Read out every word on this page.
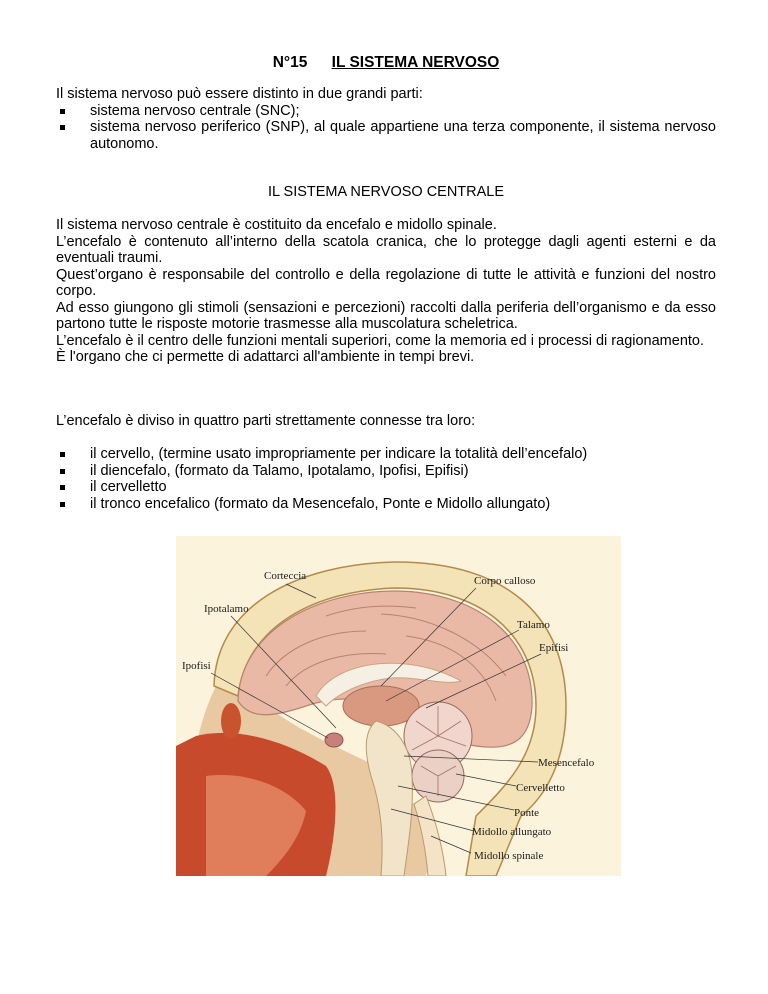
N°15 IL SISTEMA NERVOSO

Il sistema nervoso può essere distinto in due grandi parti:

sistema nervoso centrale (SNC);
sistema nervoso periferico (SNP), al quale appartiene una terza componente, il sistema nervoso autonomo.
IL SISTEMA NERVOSO CENTRALE

Il sistema nervoso centrale è costituito da encefalo e midollo spinale.

L’encefalo è contenuto all’interno della scatola cranica, che lo protegge dagli agenti esterni e da eventuali traumi.

Quest’organo è responsabile del controllo e della regolazione di tutte le attività e funzioni del nostro corpo.

Ad esso giungono gli stimoli (sensazioni e percezioni) raccolti dalla periferia dell’organismo e da esso partono tutte le risposte motorie trasmesse alla muscolatura scheletrica.

L’encefalo è il centro delle funzioni mentali superiori, come la memoria ed i processi di ragionamento.

È l'organo che ci permette di adattarci all'ambiente in tempi brevi.

L’encefalo è diviso in quattro parti strettamente connesse tra loro:

il cervello, (termine usato impropriamente per indicare la totalità dell’encefalo)
il diencefalo, (formato da Talamo, Ipotalamo, Ipofisi, Epifisi)
il cervelletto
il tronco encefalico (formato da Mesencefalo, Ponte e Midollo allungato)
Corteccia	Corpo calloso
Ipotalamo
Talamo
Epifisi
Ipofisi
Mesencefalo
Cervelletto
Ponte
Midollo allungato
Midollo spinale
